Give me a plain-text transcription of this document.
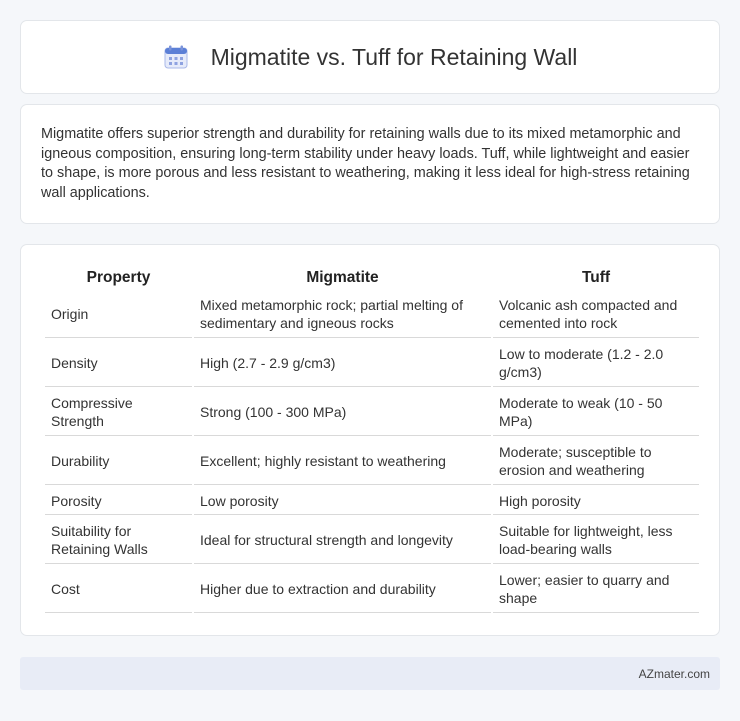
Migmatite vs. Tuff for Retaining Wall

Migmatite offers superior strength and durability for retaining walls due to its mixed metamorphic and igneous composition, ensuring long-term stability under heavy loads. Tuff, while lightweight and easier to shape, is more porous and less resistant to weathering, making it less ideal for high-stress retaining wall applications.

Property	Migmatite	Tuff
Origin	Mixed metamorphic rock; partial melting of sedimentary and igneous rocks	Volcanic ash compacted and cemented into rock
Density	High (2.7 - 2.9 g/cm3)	Low to moderate (1.2 - 2.0 g/cm3)
Compressive Strength	Strong (100 - 300 MPa)	Moderate to weak (10 - 50 MPa)
Durability	Excellent; highly resistant to weathering	Moderate; susceptible to erosion and weathering
Porosity	Low porosity	High porosity
Suitability for Retaining Walls	Ideal for structural strength and longevity	Suitable for lightweight, less load-bearing walls
Cost	Higher due to extraction and durability	Lower; easier to quarry and shape
AZmater.com
